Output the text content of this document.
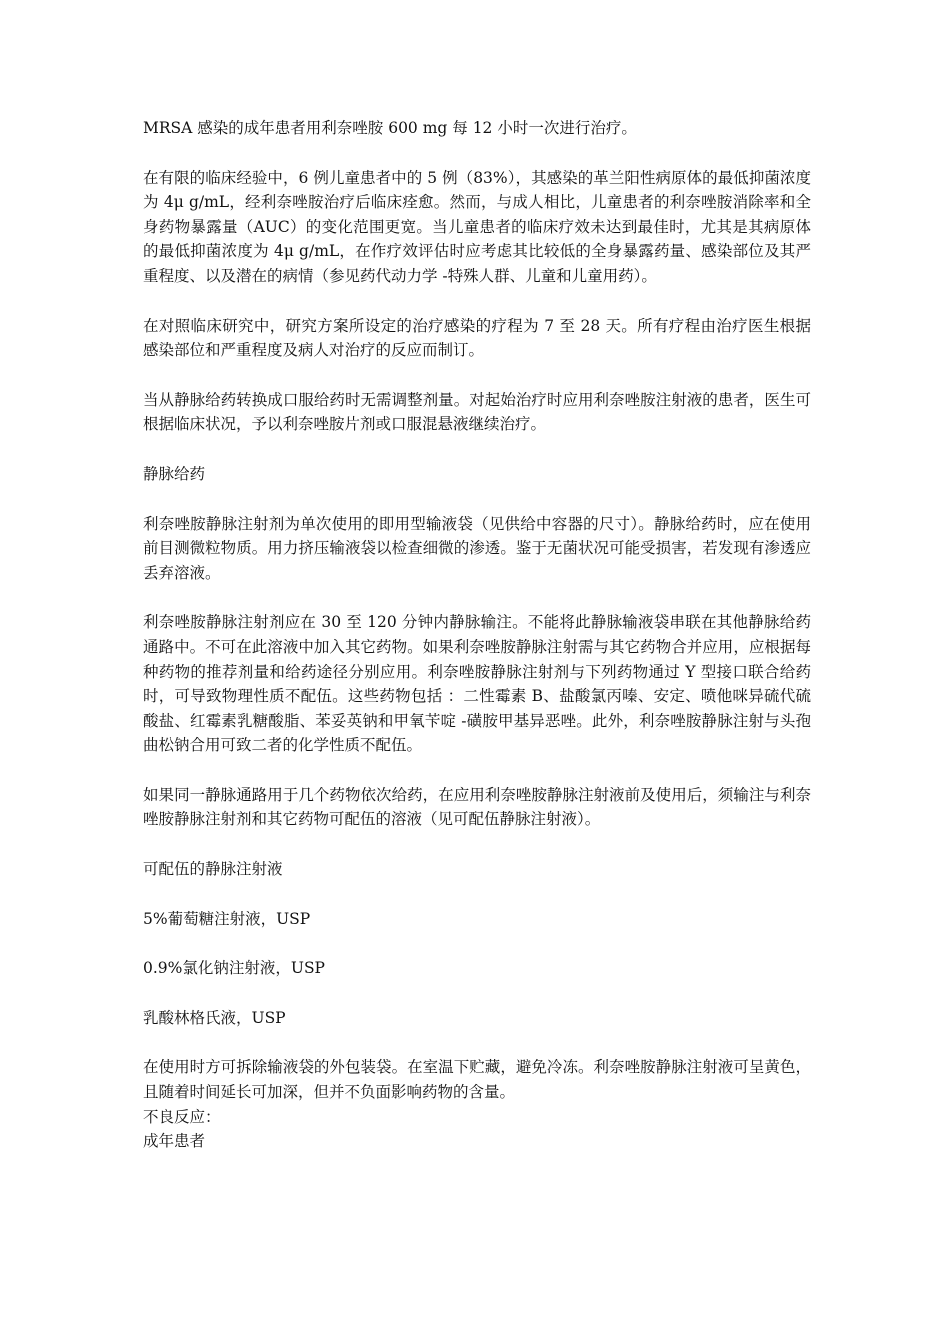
MRSA 感染的成年患者用利奈唑胺 600 mg 每 12 小时一次进行治疗。

在有限的临床经验中，6 例儿童患者中的 5 例（83%），其感染的革兰阳性病原体的最低抑菌浓度为 4μ g/mL，经利奈唑胺治疗后临床痊愈。然而，与成人相比，儿童患者的利奈唑胺消除率和全身药物暴露量（AUC）的变化范围更宽。当儿童患者的临床疗效未达到最佳时，尤其是其病原体的最低抑菌浓度为 4μ g/mL，在作疗效评估时应考虑其比较低的全身暴露药量、感染部位及其严重程度、以及潜在的病情（参见药代动力学 -特殊人群、儿童和儿童用药）。

在对照临床研究中，研究方案所设定的治疗感染的疗程为 7 至 28 天。所有疗程由治疗医生根据感染部位和严重程度及病人对治疗的反应而制订。

当从静脉给药转换成口服给药时无需调整剂量。对起始治疗时应用利奈唑胺注射液的患者，医生可根据临床状况，予以利奈唑胺片剂或口服混悬液继续治疗。

静脉给药

利奈唑胺静脉注射剂为单次使用的即用型输液袋（见供给中容器的尺寸）。静脉给药时，应在使用前目测微粒物质。用力挤压输液袋以检查细微的渗透。鉴于无菌状况可能受损害，若发现有渗透应丢弃溶液。

利奈唑胺静脉注射剂应在 30 至 120 分钟内静脉输注。不能将此静脉输液袋串联在其他静脉给药通路中。不可在此溶液中加入其它药物。如果利奈唑胺静脉注射需与其它药物合并应用，应根据每种药物的推荐剂量和给药途径分别应用。利奈唑胺静脉注射剂与下列药物通过 Y 型接口联合给药时，可导致物理性质不配伍。这些药物包括 ：二性霉素 B、盐酸氯丙嗪、安定、喷他咪异硫代硫酸盐、红霉素乳糖酸脂、苯妥英钠和甲氧苄啶 -磺胺甲基异恶唑。此外，利奈唑胺静脉注射与头孢曲松钠合用可致二者的化学性质不配伍。

如果同一静脉通路用于几个药物依次给药，在应用利奈唑胺静脉注射液前及使用后，须输注与利奈唑胺静脉注射剂和其它药物可配伍的溶液（见可配伍静脉注射液）。

可配伍的静脉注射液

5%葡萄糖注射液，USP

0.9%氯化钠注射液，USP

乳酸林格氏液，USP

在使用时方可拆除输液袋的外包装袋。在室温下贮藏，避免冷冻。利奈唑胺静脉注射液可呈黄色，且随着时间延长可加深，但并不负面影响药物的含量。

不良反应：

成年患者
